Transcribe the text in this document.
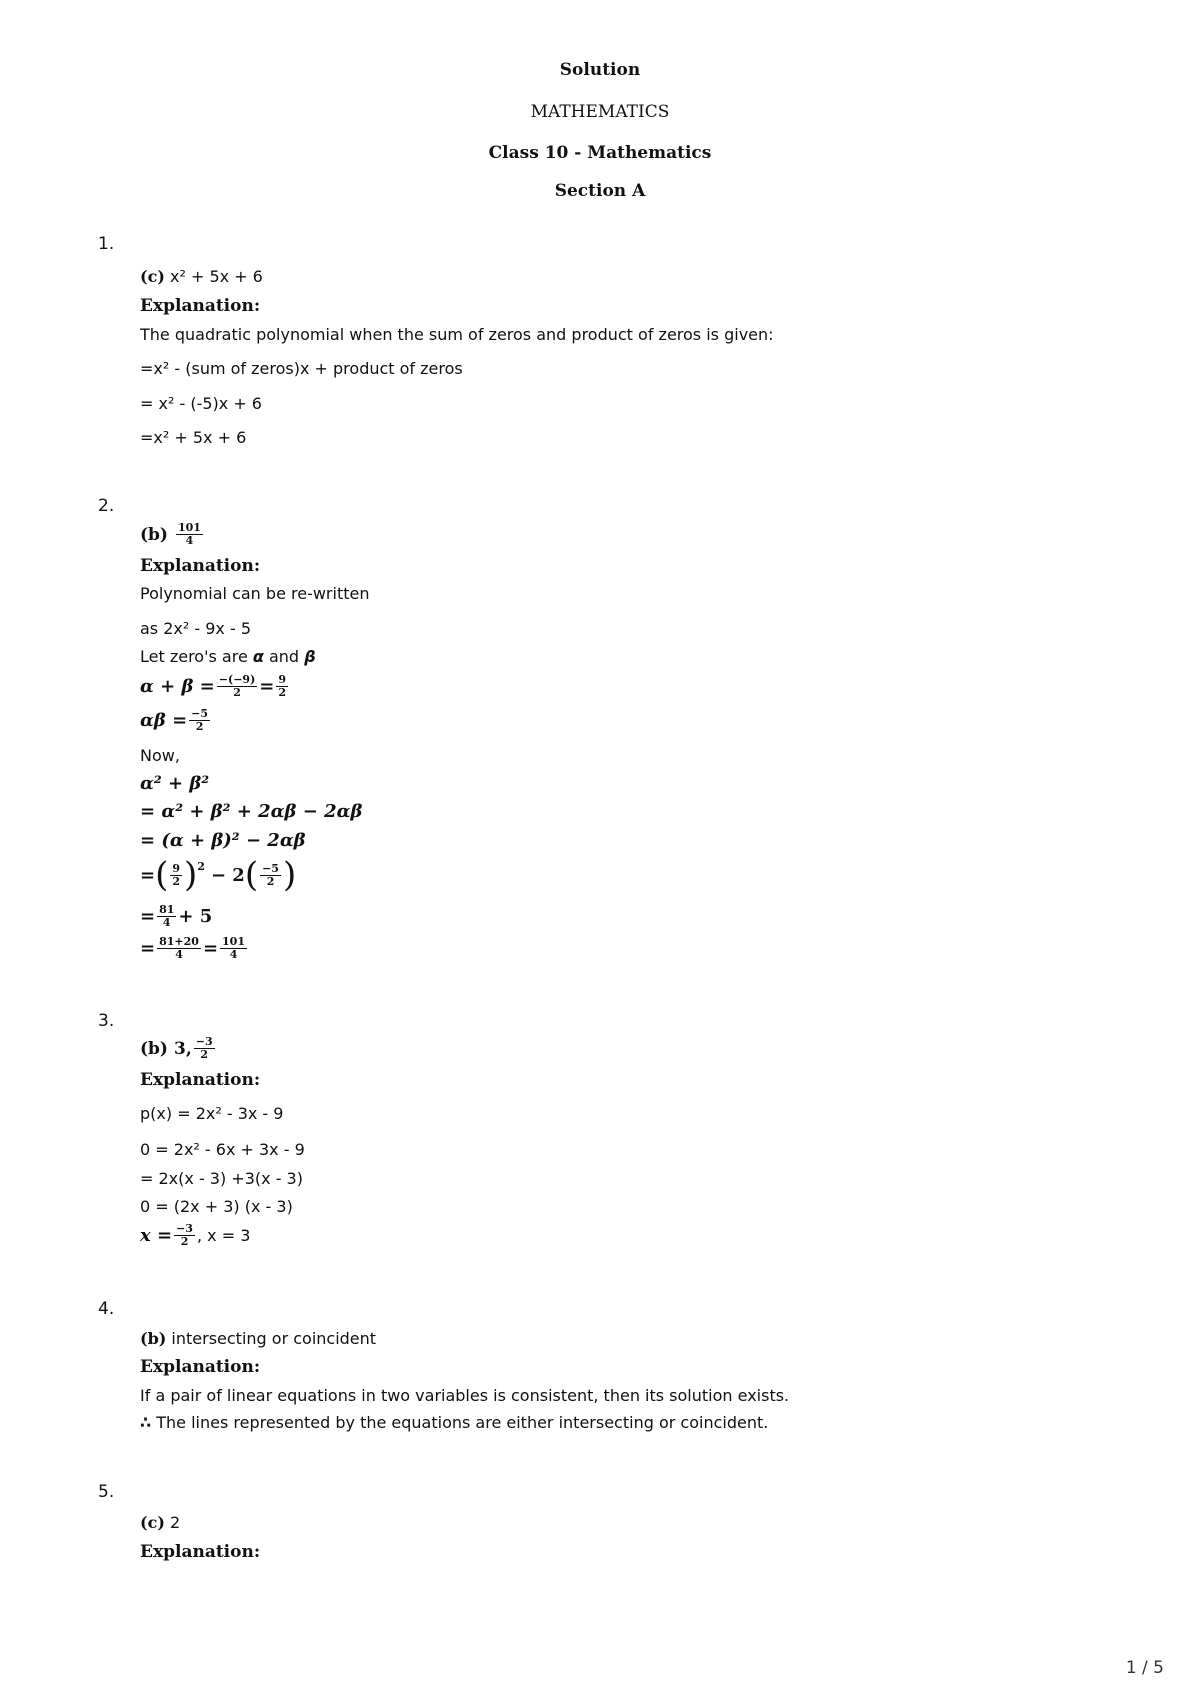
Solution
MATHEMATICS
Class 10 - Mathematics
Section A
1.
(c) x² + 5x + 6
Explanation:
The quadratic polynomial when the sum of zeros and product of zeros is given:
=x² - (sum of zeros)x + product of zeros
= x² - (-5)x + 6
=x² + 5x + 6
2.
$(b) \frac{101}{4}$
Explanation:
Polynomial can be re-written
as 2x² - 9x - 5
Let zero's are α and β
$\alpha + \beta = \frac{-(-9)}{2} = \frac{9}{2}$
$\alpha\beta = \frac{-5}{2}$
Now,
α² + β²
= α² + β² + 2αβ − 2αβ
= (α + β)² − 2αβ
= ( $\frac{9}{2} )^2 - 2$ ( $\frac{-5}{2}$ )
= $\frac{81}{4} + 5$
= $\frac{81+20}{4} = \frac{101}{4}$
3.
(b) 3, $\frac{-3}{2}$
Explanation:
p(x) = 2x² - 3x - 9
0 = 2x² - 6x + 3x - 9
= 2x(x - 3) +3(x - 3)
0 = (2x + 3) (x - 3)
$x = \frac{-3}{2}$ , x = 3
4.
(b) intersecting or coincident
Explanation:
If a pair of linear equations in two variables is consistent, then its solution exists.
∴ The lines represented by the equations are either intersecting or coincident.
5.
(c) 2
Explanation:
1 / 5
